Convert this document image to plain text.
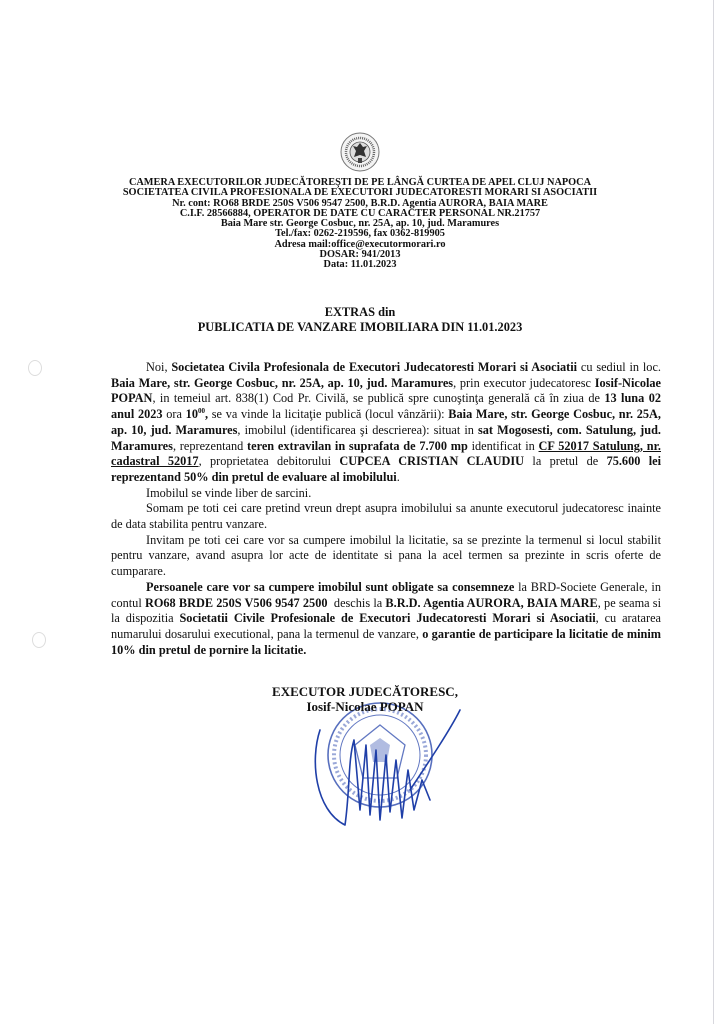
CAMERA EXECUTORILOR JUDECĂTOREŞTI DE PE LÂNGĂ CURTEA DE APEL CLUJ NAPOCA
SOCIETATEA CIVILA PROFESIONALA DE EXECUTORI JUDECATORESTI MORARI SI ASOCIATII
Nr. cont: RO68 BRDE 250S V506 9547 2500, B.R.D. Agentia AURORA, BAIA MARE
C.I.F. 28566884, OPERATOR DE DATE CU CARACTER PERSONAL NR.21757
Baia Mare str. George Cosbuc, nr. 25A, ap. 10, jud. Maramures
Tel./fax: 0262-219596, fax 0362-819905
Adresa mail:office@executormorari.ro
DOSAR: 941/2013
Data: 11.01.2023
EXTRAS din
PUBLICATIA DE VANZARE IMOBILIARA DIN 11.01.2023

Noi, Societatea Civila Profesionala de Executori Judecatoresti Morari si Asociatii cu sediul in loc. Baia Mare, str. George Cosbuc, nr. 25A, ap. 10, jud. Maramures, prin executor judecatoresc Iosif-Nicolae POPAN, in temeiul art. 838(1) Cod Pr. Civilă, se publică spre cunoştinţa generală că în ziua de 13 luna 02 anul 2023 ora $10^{00}$, se va vinde la licitaţie publică (locul vânzării): Baia Mare, str. George Cosbuc, nr. 25A, ap. 10, jud. Maramures, imobilul (identificarea şi descrierea): situat in sat Mogosesti, com. Satulung, jud. Maramures, reprezentand teren extravilan in suprafata de 7.700 mp identificat in CF 52017 Satulung, nr. cadastral 52017, proprietatea debitorului CUPCEA CRISTIAN CLAUDIU la pretul de 75.600 lei reprezentand 50% din pretul de evaluare al imobilului.

Imobilul se vinde liber de sarcini.

Somam pe toti cei care pretind vreun drept asupra imobilului sa anunte executorul judecatoresc inainte de data stabilita pentru vanzare.

Invitam pe toti cei care vor sa cumpere imobilul la licitatie, sa se prezinte la termenul si locul stabilit pentru vanzare, avand asupra lor acte de identitate si pana la acel termen sa prezinte in scris oferte de cumparare.

Persoanele care vor sa cumpere imobilul sunt obligate sa consemneze la BRD-Societe Generale, in contul RO68 BRDE 250S V506 9547 2500  deschis la B.R.D. Agentia AURORA, BAIA MARE, pe seama si la dispozitia Societatii Civile Profesionale de Executori Judecatoresti Morari si Asociatii, cu aratarea numarului dosarului executional, pana la termenul de vanzare, o garantie de participare la licitatie de minim 10% din pretul de pornire la licitatie.

EXECUTOR JUDECĂTORESC,
Iosif-Nicolae POPAN
